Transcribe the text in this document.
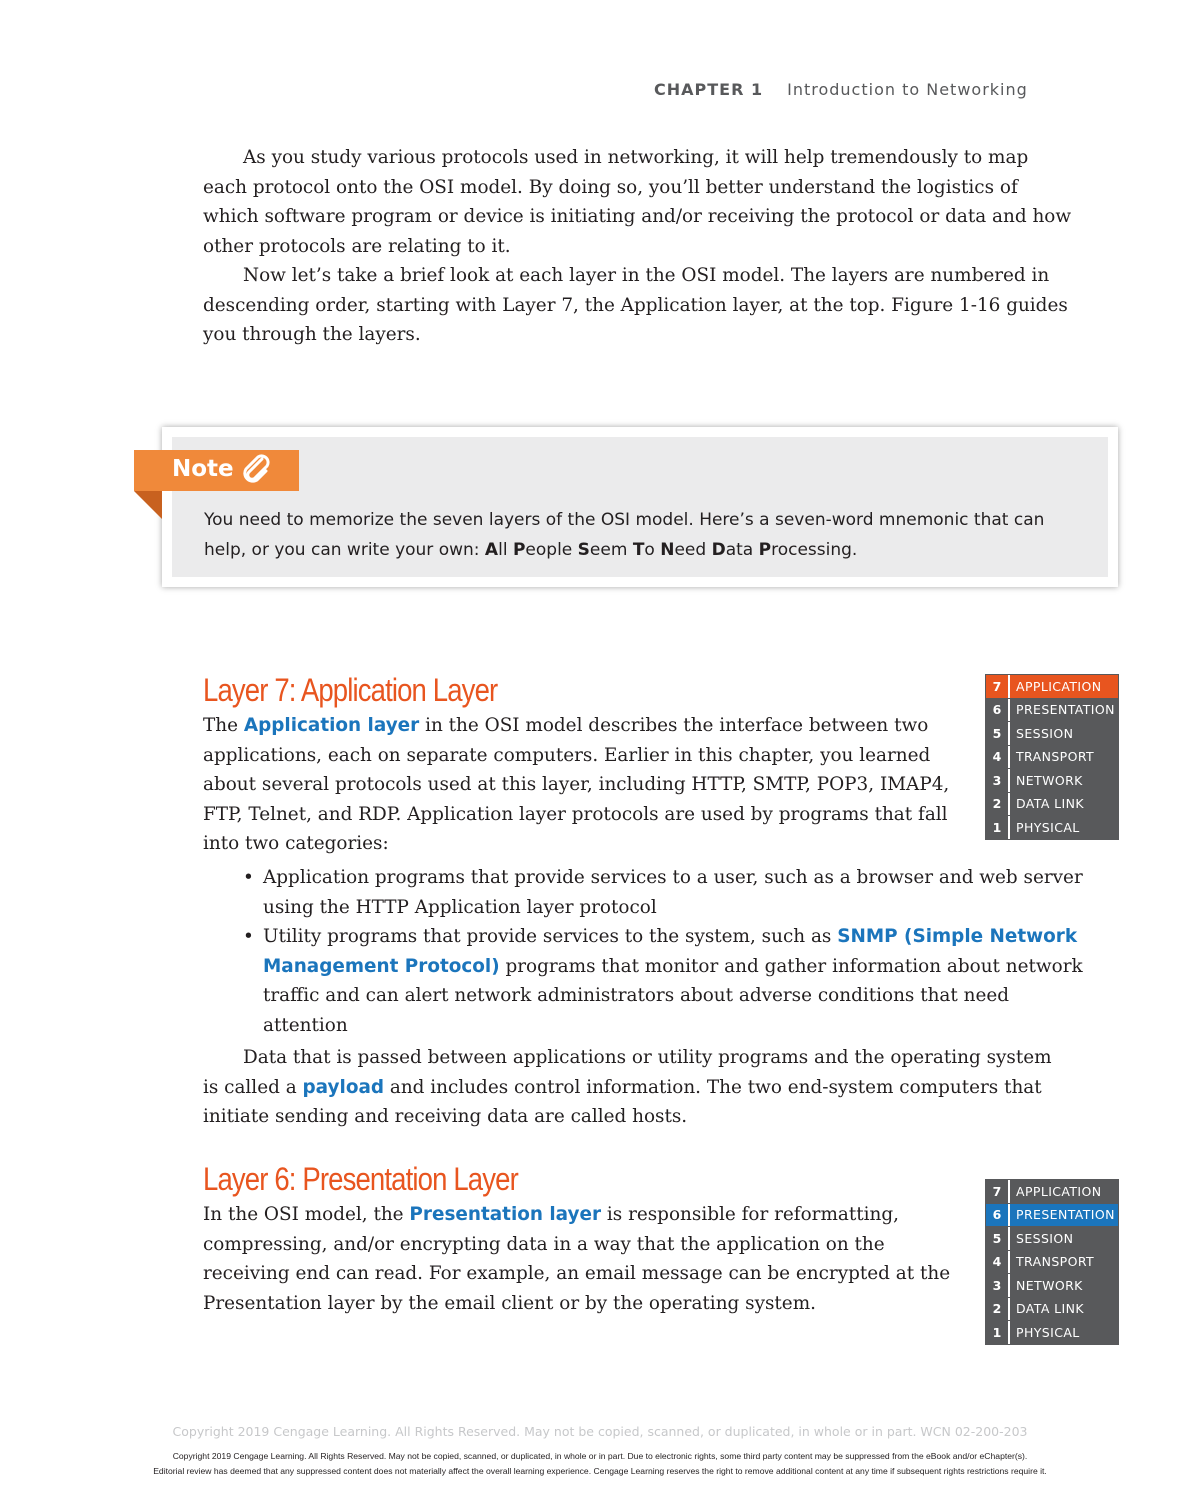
CHAPTER 1 Introduction to Networking

As you study various protocols used in networking, it will help tremendously to map each protocol onto the OSI model. By doing so, you’ll better understand the logistics of which software program or device is initiating and/or receiving the protocol or data and how other protocols are relating to it.

Now let’s take a brief look at each layer in the OSI model. The layers are numbered in descending order, starting with Layer 7, the Application layer, at the top. Figure 1-16 guides you through the layers.

Note
You need to memorize the seven layers of the OSI model. Here’s a seven-word mnemonic that can help, or you can write your own: All People Seem To Need Data Processing.
Layer 7: Application Layer

The Application layer in the OSI model describes the interface between two applications, each on separate computers. Earlier in this chapter, you learned about several protocols used at this layer, including HTTP, SMTP, POP3, IMAP4, FTP, Telnet, and RDP. Application layer protocols are used by programs that fall into two categories:

• Application programs that provide services to a user, such as a browser and web server using the HTTP Application layer protocol
• Utility programs that provide services to the system, such as SNMP (Simple Network Management Protocol) programs that monitor and gather information about network traffic and can alert network administrators about adverse conditions that need attention

Data that is passed between applications or utility programs and the operating system is called a payload and includes control information. The two end-system computers that initiate sending and receiving data are called hosts.

7	APPLICATION
6	PRESENTATION
5	SESSION
4	TRANSPORT
3	NETWORK
2	DATA LINK
1	PHYSICAL
Layer 6: Presentation Layer

In the OSI model, the Presentation layer is responsible for reformatting, compressing, and/or encrypting data in a way that the application on the receiving end can read. For example, an email message can be encrypted at the Presentation layer by the email client or by the operating system.

7	APPLICATION
6	PRESENTATION
5	SESSION
4	TRANSPORT
3	NETWORK
2	DATA LINK
1	PHYSICAL
Copyright 2019 Cengage Learning. All Rights Reserved. May not be copied, scanned, or duplicated, in whole or in part. WCN 02-200-203
Copyright 2019 Cengage Learning. All Rights Reserved. May not be copied, scanned, or duplicated, in whole or in part. Due to electronic rights, some third party content may be suppressed from the eBook and/or eChapter(s).
Editorial review has deemed that any suppressed content does not materially affect the overall learning experience. Cengage Learning reserves the right to remove additional content at any time if subsequent rights restrictions require it.
